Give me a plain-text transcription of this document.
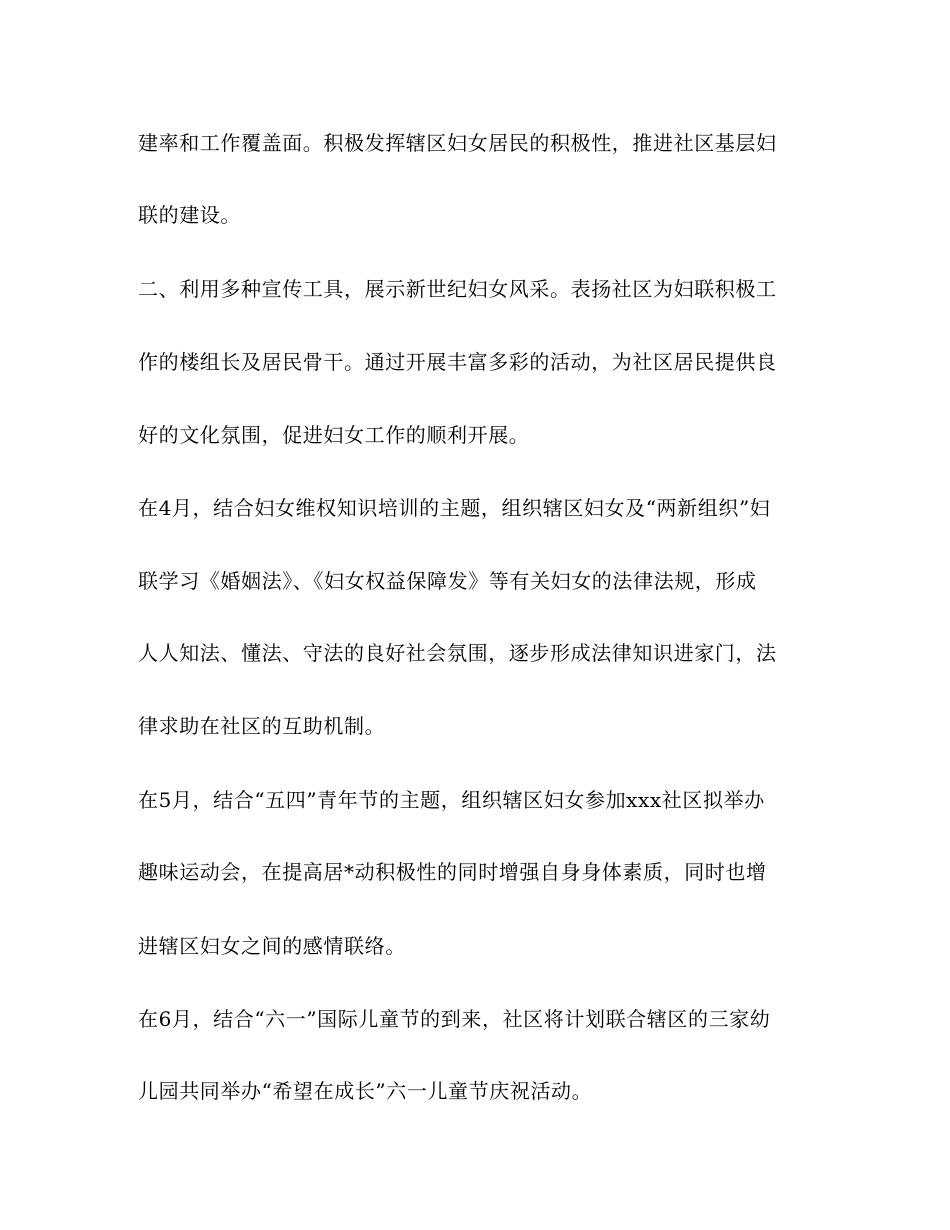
建率和工作覆盖面。积极发挥辖区妇女居民的积极性，推进社区基层妇
联的建设。
二、利用多种宣传工具，展示新世纪妇女风采。表扬社区为妇联积极工
作的楼组长及居民骨干。通过开展丰富多彩的活动，为社区居民提供良
好的文化氛围，促进妇女工作的顺利开展。
在4月，结合妇女维权知识培训的主题，组织辖区妇女及“两新组织”妇
联学习《婚姻法》、《妇女权益保障发》等有关妇女的法律法规，形成
人人知法、懂法、守法的良好社会氛围，逐步形成法律知识进家门，法
律求助在社区的互助机制。
在5月，结合“五四”青年节的主题，组织辖区妇女参加xxx社区拟举办
趣味运动会，在提高居*动积极性的同时增强自身身体素质，同时也增
进辖区妇女之间的感情联络。
在6月，结合“六一”国际儿童节的到来，社区将计划联合辖区的三家幼
儿园共同举办“希望在成长”六一儿童节庆祝活动。
